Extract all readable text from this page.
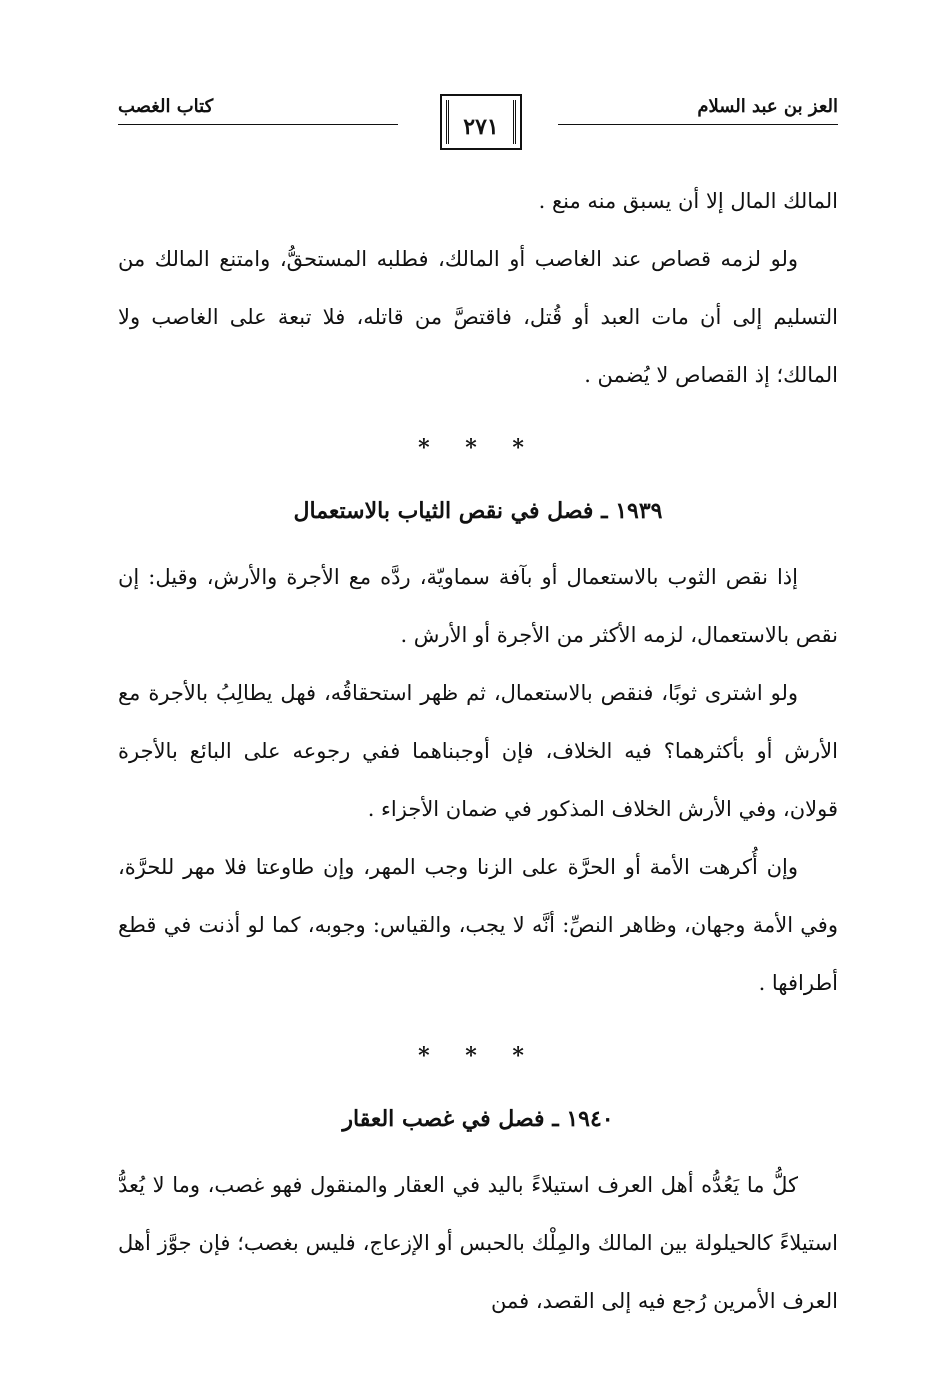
العز بن عبد السلام
٢٧١
كتاب الغصب

المالك المال إلا أن يسبق منه منع .

ولو لزمه قصاص عند الغاصب أو المالك، فطلبه المستحقُّ، وامتنع المالك من التسليم إلى أن مات العبد أو قُتل، فاقتصَّ من قاتله، فلا تبعة على الغاصب ولا المالك؛ إذ القصاص لا يُضمن .

* * *
١٩٣٩ ـ فصل في نقص الثياب بالاستعمال

إذا نقص الثوب بالاستعمال أو بآفة سماويّة، ردَّه مع الأجرة والأرش، وقيل: إن نقص بالاستعمال، لزمه الأكثر من الأجرة أو الأرش .

ولو اشترى ثوبًا، فنقص بالاستعمال، ثم ظهر استحقاقُه، فهل يطالِبُ بالأجرة مع الأرش أو بأكثرهما؟ فيه الخلاف، فإن أوجبناهما ففي رجوعه على البائع بالأجرة قولان، وفي الأرش الخلاف المذكور في ضمان الأجزاء .

وإن أُكرهت الأمة أو الحرَّة على الزنا وجب المهر، وإن طاوعتا فلا مهر للحرَّة، وفي الأمة وجهان، وظاهر النصِّ: أنَّه لا يجب، والقياس: وجوبه، كما لو أذنت في قطع أطرافها .

* * *
١٩٤٠ ـ فصل في غصب العقار

كلُّ ما يَعُدُّه أهل العرف استيلاءً باليد في العقار والمنقول فهو غصب، وما لا يُعدُّ استيلاءً كالحيلولة بين المالك والمِلْك بالحبس أو الإزعاج، فليس بغصب؛ فإن جوَّز أهل العرف الأمرين رُجع فيه إلى القصد، فمن
